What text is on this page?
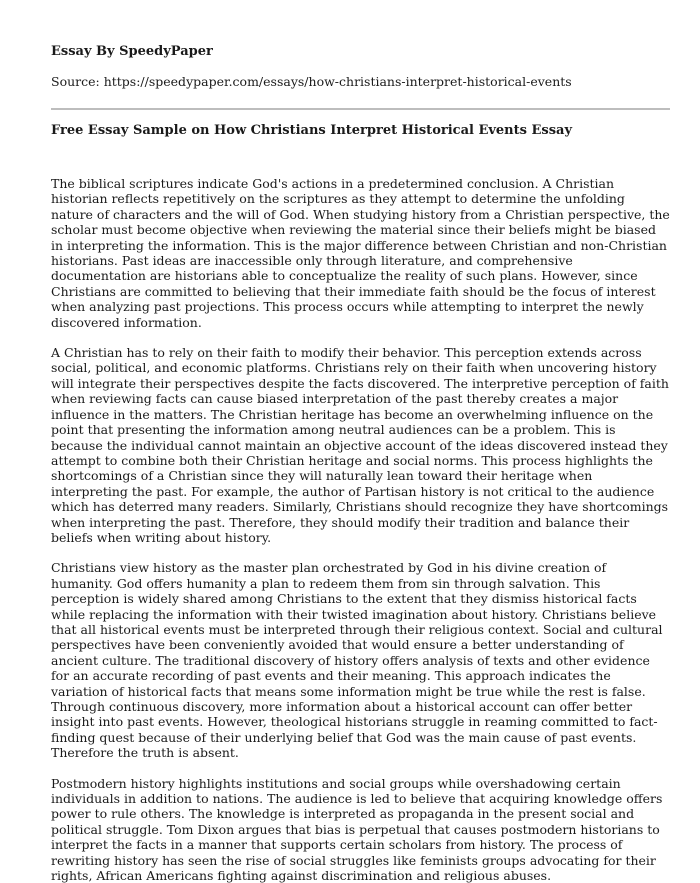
Essay By SpeedyPaper
Source: https://speedypaper.com/essays/how-christians-interpret-historical-events
Free Essay Sample on How Christians Interpret Historical Events Essay

The biblical scriptures indicate God's actions in a predetermined conclusion. A Christian historian reflects repetitively on the scriptures as they attempt to determine the unfolding nature of characters and the will of God. When studying history from a Christian perspective, the scholar must become objective when reviewing the material since their beliefs might be biased in interpreting the information. This is the major difference between Christian and non-Christian historians. Past ideas are inaccessible only through literature, and comprehensive documentation are historians able to conceptualize the reality of such plans. However, since Christians are committed to believing that their immediate faith should be the focus of interest when analyzing past projections. This process occurs while attempting to interpret the newly discovered information.

A Christian has to rely on their faith to modify their behavior. This perception extends across social, political, and economic platforms. Christians rely on their faith when uncovering history will integrate their perspectives despite the facts discovered. The interpretive perception of faith when reviewing facts can cause biased interpretation of the past thereby creates a major influence in the matters. The Christian heritage has become an overwhelming influence on the point that presenting the information among neutral audiences can be a problem. This is because the individual cannot maintain an objective account of the ideas discovered instead they attempt to combine both their Christian heritage and social norms. This process highlights the shortcomings of a Christian since they will naturally lean toward their heritage when interpreting the past. For example, the author of Partisan history is not critical to the audience which has deterred many readers. Similarly, Christians should recognize they have shortcomings when interpreting the past. Therefore, they should modify their tradition and balance their beliefs when writing about history.

Christians view history as the master plan orchestrated by God in his divine creation of humanity. God offers humanity a plan to redeem them from sin through salvation. This perception is widely shared among Christians to the extent that they dismiss historical facts while replacing the information with their twisted imagination about history. Christians believe that all historical events must be interpreted through their religious context. Social and cultural perspectives have been conveniently avoided that would ensure a better understanding of ancient culture. The traditional discovery of history offers analysis of texts and other evidence for an accurate recording of past events and their meaning. This approach indicates the variation of historical facts that means some information might be true while the rest is false. Through continuous discovery, more information about a historical account can offer better insight into past events. However, theological historians struggle in reaming committed to fact-finding quest because of their underlying belief that God was the main cause of past events. Therefore the truth is absent.

Postmodern history highlights institutions and social groups while overshadowing certain individuals in addition to nations. The audience is led to believe that acquiring knowledge offers power to rule others. The knowledge is interpreted as propaganda in the present social and political struggle. Tom Dixon argues that bias is perpetual that causes postmodern historians to interpret the facts in a manner that supports certain scholars from history. The process of rewriting history has seen the rise of social struggles like feminists groups advocating for their rights, African Americans fighting against discrimination and religious abuses.
